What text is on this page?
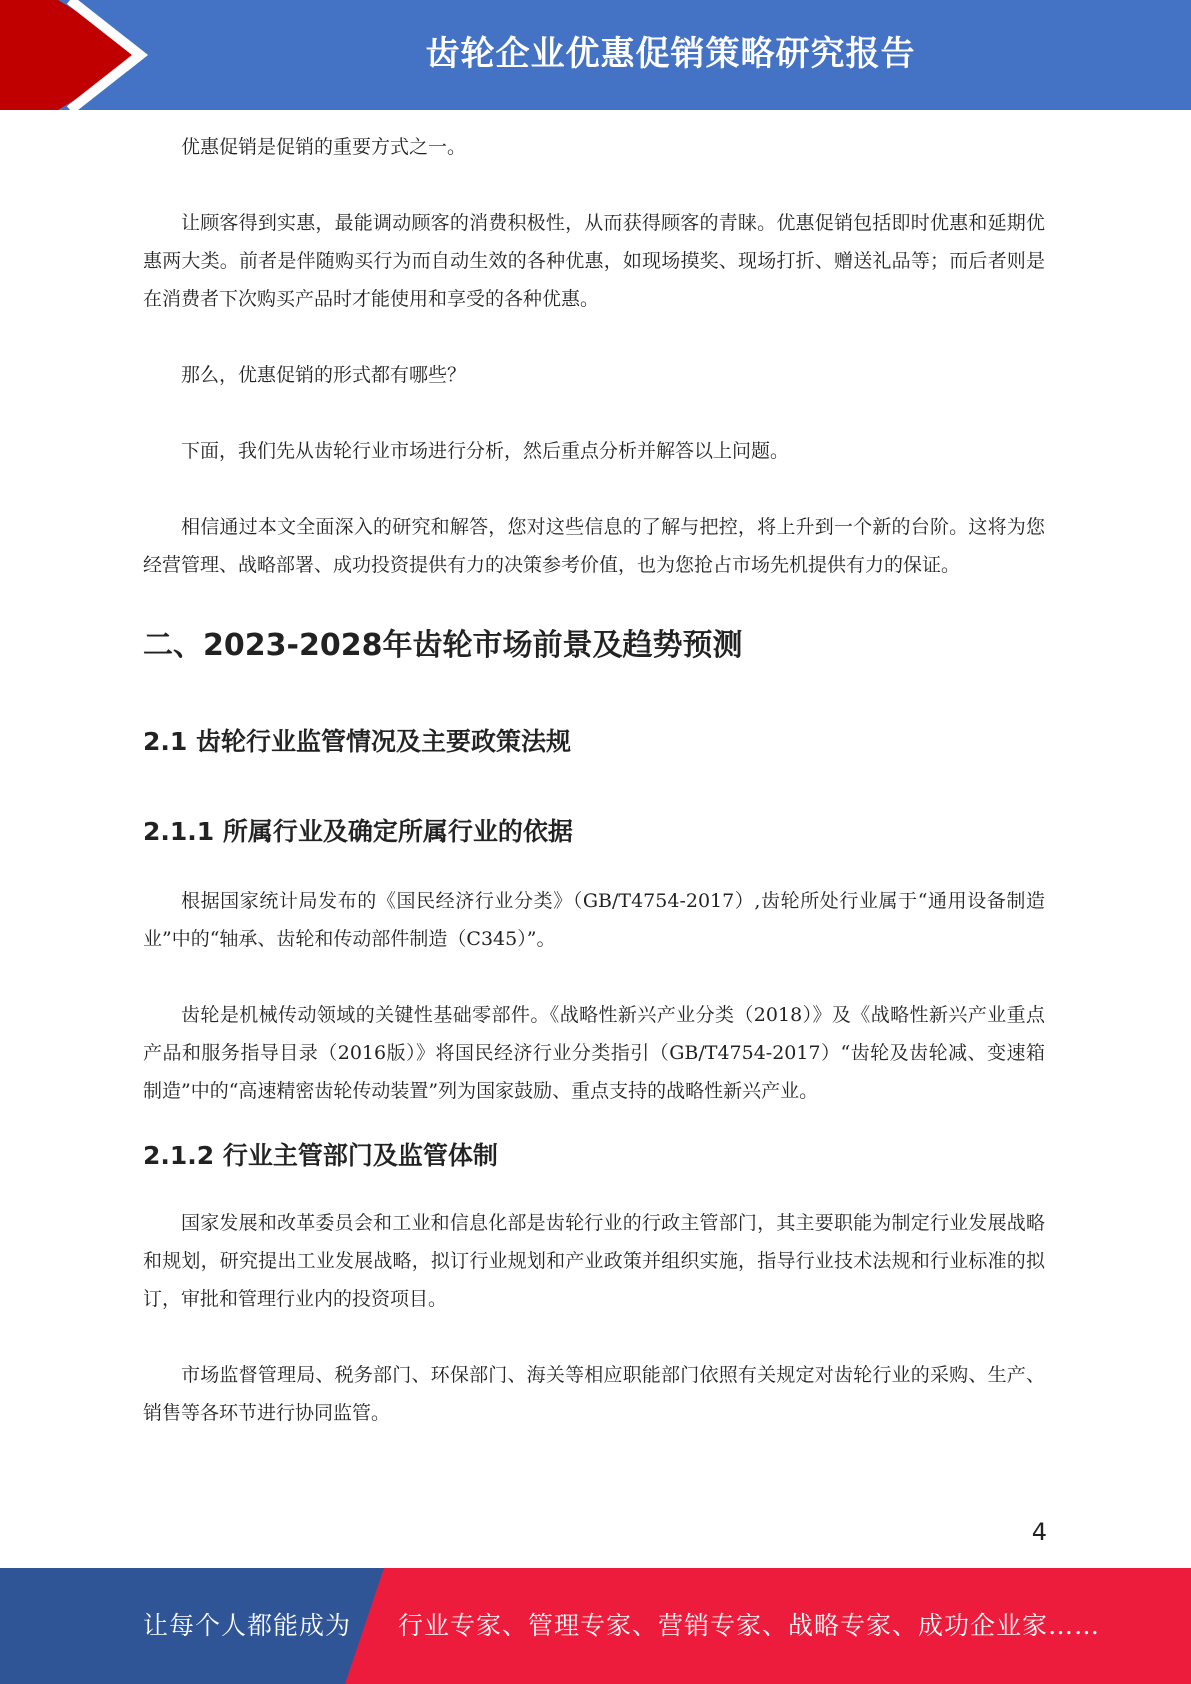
齿轮企业优惠促销策略研究报告

优惠促销是促销的重要方式之一。

让顾客得到实惠，最能调动顾客的消费积极性，从而获得顾客的青睐。优惠促销包括即时优惠和延期优惠两大类。前者是伴随购买行为而自动生效的各种优惠，如现场摸奖、现场打折、赠送礼品等；而后者则是在消费者下次购买产品时才能使用和享受的各种优惠。

那么，优惠促销的形式都有哪些？

下面，我们先从齿轮行业市场进行分析，然后重点分析并解答以上问题。

相信通过本文全面深入的研究和解答，您对这些信息的了解与把控，将上升到一个新的台阶。这将为您经营管理、战略部署、成功投资提供有力的决策参考价值，也为您抢占市场先机提供有力的保证。

二、2023-2028年齿轮市场前景及趋势预测
2.1 齿轮行业监管情况及主要政策法规
2.1.1 所属行业及确定所属行业的依据

根据国家统计局发布的《国民经济行业分类》（GB/T4754-2017）,齿轮所处行业属于“通用设备制造业”中的“轴承、齿轮和传动部件制造（C345）”。

齿轮是机械传动领域的关键性基础零部件。《战略性新兴产业分类（2018）》及《战略性新兴产业重点产品和服务指导目录（2016版）》将国民经济行业分类指引（GB/T4754-2017）“齿轮及齿轮减、变速箱制造”中的“高速精密齿轮传动装置”列为国家鼓励、重点支持的战略性新兴产业。

2.1.2 行业主管部门及监管体制

国家发展和改革委员会和工业和信息化部是齿轮行业的行政主管部门，其主要职能为制定行业发展战略和规划，研究提出工业发展战略，拟订行业规划和产业政策并组织实施，指导行业技术法规和行业标准的拟订，审批和管理行业内的投资项目。

市场监督管理局、税务部门、环保部门、海关等相应职能部门依照有关规定对齿轮行业的采购、生产、销售等各环节进行协同监管。

4
让每个人都能成为 行业专家、管理专家、营销专家、战略专家、成功企业家……
